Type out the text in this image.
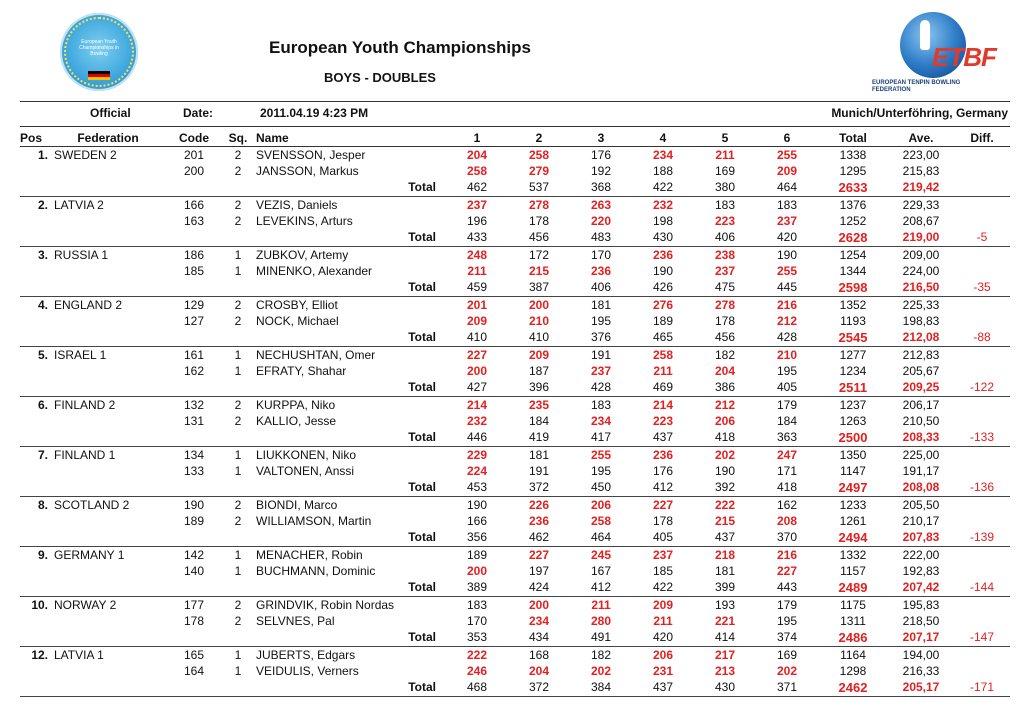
European Youth Championships in Bowling	European Youth Championships
BOYS - DOUBLES
ETBF
EUROPEAN TENPIN BOWLING FEDERATION
Official	Date:	2011.04.19 4:23 PM	Munich/Unterföhring, Germany
Pos	Federation	Code	Sq.	Name	1	2	3	4	5	6	Total	Ave.	Diff.
1.	SWEDEN 2	201	2	SVENSSON, Jesper	204	258	176	234	211	255	1338	223,00	
		200	2	JANSSON, Markus	258	279	192	188	169	209	1295	215,83	
				Total	462	537	368	422	380	464	2633	219,42	
2.	LATVIA 2	166	2	VEZIS, Daniels	237	278	263	232	183	183	1376	229,33	
		163	2	LEVEKINS, Arturs	196	178	220	198	223	237	1252	208,67	
				Total	433	456	483	430	406	420	2628	219,00	-5
3.	RUSSIA 1	186	1	ZUBKOV, Artemy	248	172	170	236	238	190	1254	209,00	
		185	1	MINENKO, Alexander	211	215	236	190	237	255	1344	224,00	
				Total	459	387	406	426	475	445	2598	216,50	-35
4.	ENGLAND 2	129	2	CROSBY, Elliot	201	200	181	276	278	216	1352	225,33	
		127	2	NOCK, Michael	209	210	195	189	178	212	1193	198,83	
				Total	410	410	376	465	456	428	2545	212,08	-88
5.	ISRAEL 1	161	1	NECHUSHTAN, Omer	227	209	191	258	182	210	1277	212,83	
		162	1	EFRATY, Shahar	200	187	237	211	204	195	1234	205,67	
				Total	427	396	428	469	386	405	2511	209,25	-122
6.	FINLAND 2	132	2	KURPPA, Niko	214	235	183	214	212	179	1237	206,17	
		131	2	KALLIO, Jesse	232	184	234	223	206	184	1263	210,50	
				Total	446	419	417	437	418	363	2500	208,33	-133
7.	FINLAND 1	134	1	LIUKKONEN, Niko	229	181	255	236	202	247	1350	225,00	
		133	1	VALTONEN, Anssi	224	191	195	176	190	171	1147	191,17	
				Total	453	372	450	412	392	418	2497	208,08	-136
8.	SCOTLAND 2	190	2	BIONDI, Marco	190	226	206	227	222	162	1233	205,50	
		189	2	WILLIAMSON, Martin	166	236	258	178	215	208	1261	210,17	
				Total	356	462	464	405	437	370	2494	207,83	-139
9.	GERMANY 1	142	1	MENACHER, Robin	189	227	245	237	218	216	1332	222,00	
		140	1	BUCHMANN, Dominic	200	197	167	185	181	227	1157	192,83	
				Total	389	424	412	422	399	443	2489	207,42	-144
10.	NORWAY 2	177	2	GRINDVIK, Robin Nordas	183	200	211	209	193	179	1175	195,83	
		178	2	SELVNES, Pal	170	234	280	211	221	195	1311	218,50	
				Total	353	434	491	420	414	374	2486	207,17	-147
12.	LATVIA 1	165	1	JUBERTS, Edgars	222	168	182	206	217	169	1164	194,00	
		164	1	VEIDULIS, Verners	246	204	202	231	213	202	1298	216,33	
				Total	468	372	384	437	430	371	2462	205,17	-171
